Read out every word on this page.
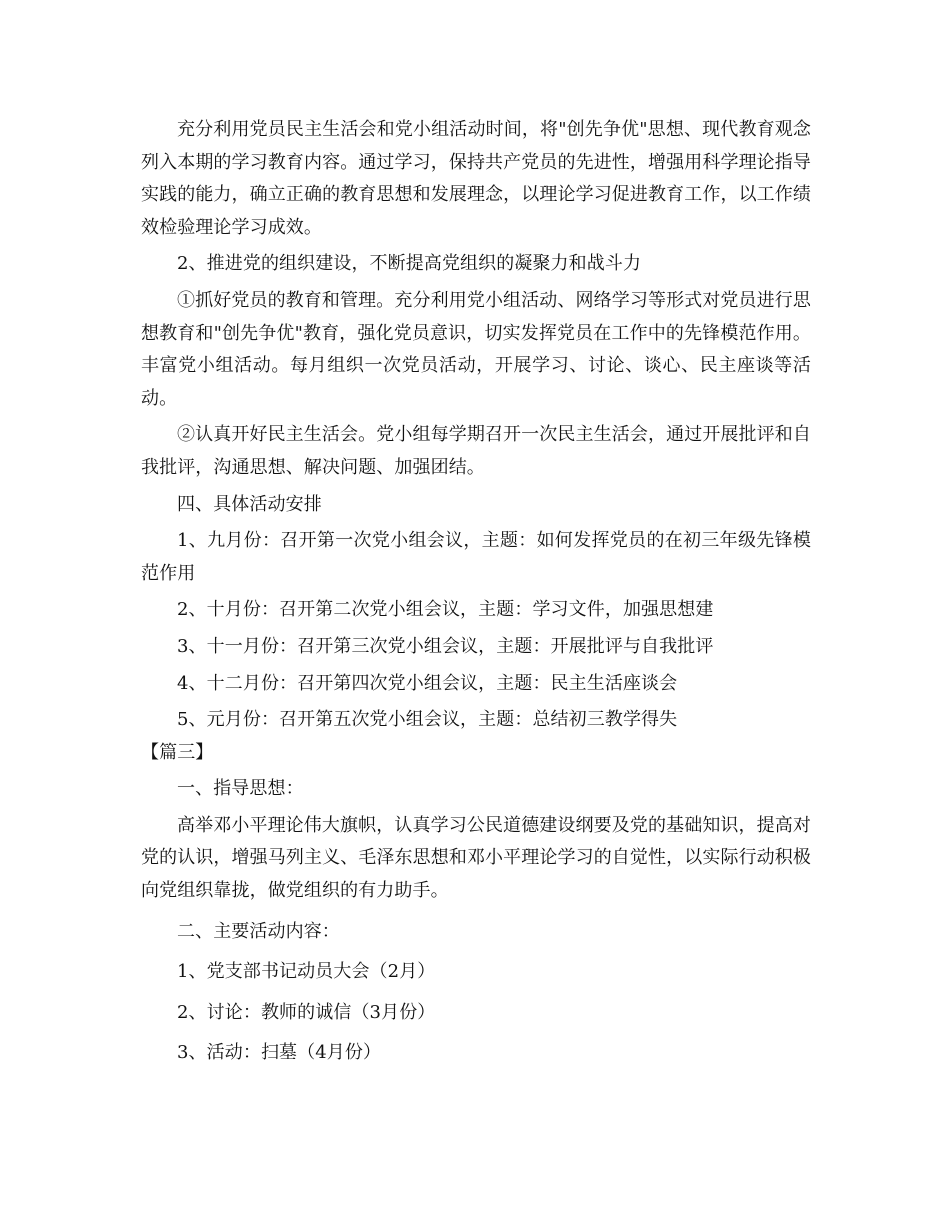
充分利用党员民主生活会和党小组活动时间，将"创先争优"思想、现代教育观念列入本期的学习教育内容。通过学习，保持共产党员的先进性，增强用科学理论指导实践的能力，确立正确的教育思想和发展理念，以理论学习促进教育工作，以工作绩效检验理论学习成效。

2、推进党的组织建设，不断提高党组织的凝聚力和战斗力

①抓好党员的教育和管理。充分利用党小组活动、网络学习等形式对党员进行思想教育和"创先争优"教育，强化党员意识，切实发挥党员在工作中的先锋模范作用。丰富党小组活动。每月组织一次党员活动，开展学习、讨论、谈心、民主座谈等活动。

②认真开好民主生活会。党小组每学期召开一次民主生活会，通过开展批评和自我批评，沟通思想、解决问题、加强团结。

四、具体活动安排

1、九月份：召开第一次党小组会议，主题：如何发挥党员的在初三年级先锋模范作用

2、十月份：召开第二次党小组会议，主题：学习文件，加强思想建

3、十一月份：召开第三次党小组会议，主题：开展批评与自我批评

4、十二月份：召开第四次党小组会议，主题：民主生活座谈会

5、元月份：召开第五次党小组会议，主题：总结初三教学得失

【篇三】

一、指导思想：

高举邓小平理论伟大旗帜，认真学习公民道德建设纲要及党的基础知识，提高对党的认识，增强马列主义、毛泽东思想和邓小平理论学习的自觉性，以实际行动积极向党组织靠拢，做党组织的有力助手。

二、主要活动内容：

1、党支部书记动员大会（2月）

2、讨论：教师的诚信（3月份）

3、活动：扫墓（4月份）
